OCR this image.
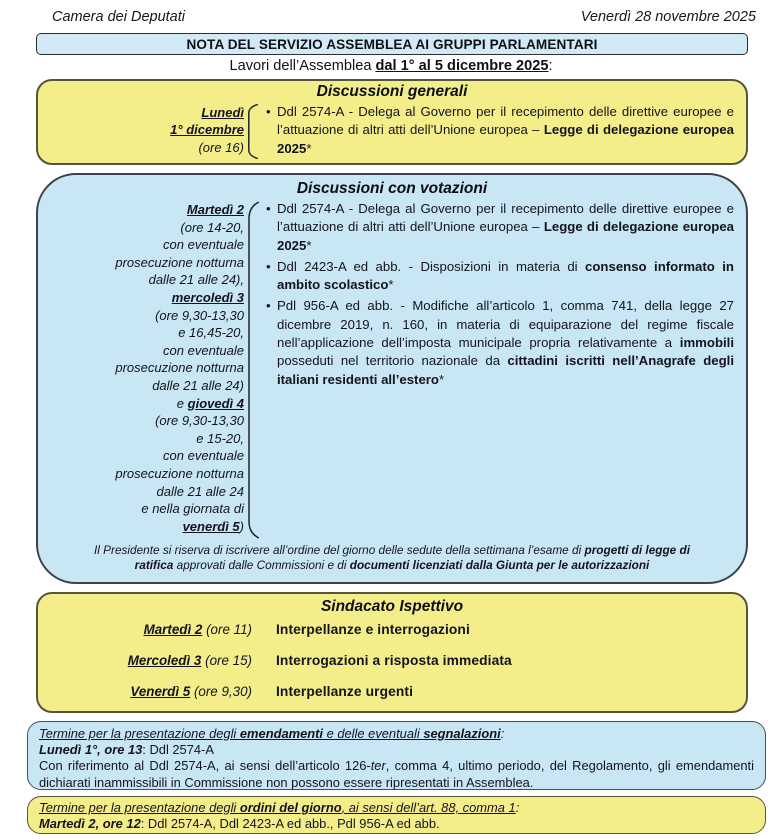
Camera dei Deputati	Venerdì 28 novembre 2025
NOTA DEL SERVIZIO ASSEMBLEA AI GRUPPI PARLAMENTARI
Lavori dell’Assemblea dal 1° al 5 dicembre 2025:
Discussioni generali
Lunedì
1° dicembre
(ore 16)
• Ddl 2574-A - Delega al Governo per il recepimento delle direttive europee e l’attuazione di altri atti dell’Unione europea – Legge di delegazione europea 2025*
Discussioni con votazioni
Martedì 2
(ore 14-20,
con eventuale
prosecuzione notturna
dalle 21 alle 24),
mercoledì 3
(ore 9,30-13,30
e 16,45-20,
con eventuale
prosecuzione notturna
dalle 21 alle 24)
e giovedì 4
(ore 9,30-13,30
e 15-20,
con eventuale
prosecuzione notturna
dalle 21 alle 24
e nella giornata di
venerdì 5)
• Ddl 2574-A - Delega al Governo per il recepimento delle direttive europee e l’attuazione di altri atti dell’Unione europea – Legge di delegazione europea 2025*
• Ddl 2423-A ed abb. - Disposizioni in materia di consenso informato in ambito scolastico*
• Pdl 956-A ed abb. - Modifiche all’articolo 1, comma 741, della legge 27 dicembre 2019, n. 160, in materia di equiparazione del regime fiscale nell’applicazione dell’imposta municipale propria relativamente a immobili posseduti nel territorio nazionale da cittadini iscritti nell’Anagrafe degli italiani residenti all’estero*
Il Presidente si riserva di iscrivere all’ordine del giorno delle sedute della settimana l’esame di progetti di legge di ratifica approvati dalle Commissioni e di documenti licenziati dalla Giunta per le autorizzazioni
Sindacato Ispettivo
Martedì 2 (ore 11) Interpellanze e interrogazioni
Mercoledì 3 (ore 15) Interrogazioni a risposta immediata
Venerdì 5 (ore 9,30) Interpellanze urgenti
Termine per la presentazione degli emendamenti e delle eventuali segnalazioni:
Lunedì 1°, ore 13: Ddl 2574-A
Con riferimento al Ddl 2574-A, ai sensi dell’articolo 126-ter, comma 4, ultimo periodo, del Regolamento, gli emendamenti dichiarati inammissibili in Commissione non possono essere ripresentati in Assemblea.
Termine per la presentazione degli ordini del giorno, ai sensi dell’art. 88, comma 1:
Martedì 2, ore 12: Ddl 2574-A, Ddl 2423-A ed abb., Pdl 956-A ed abb.
